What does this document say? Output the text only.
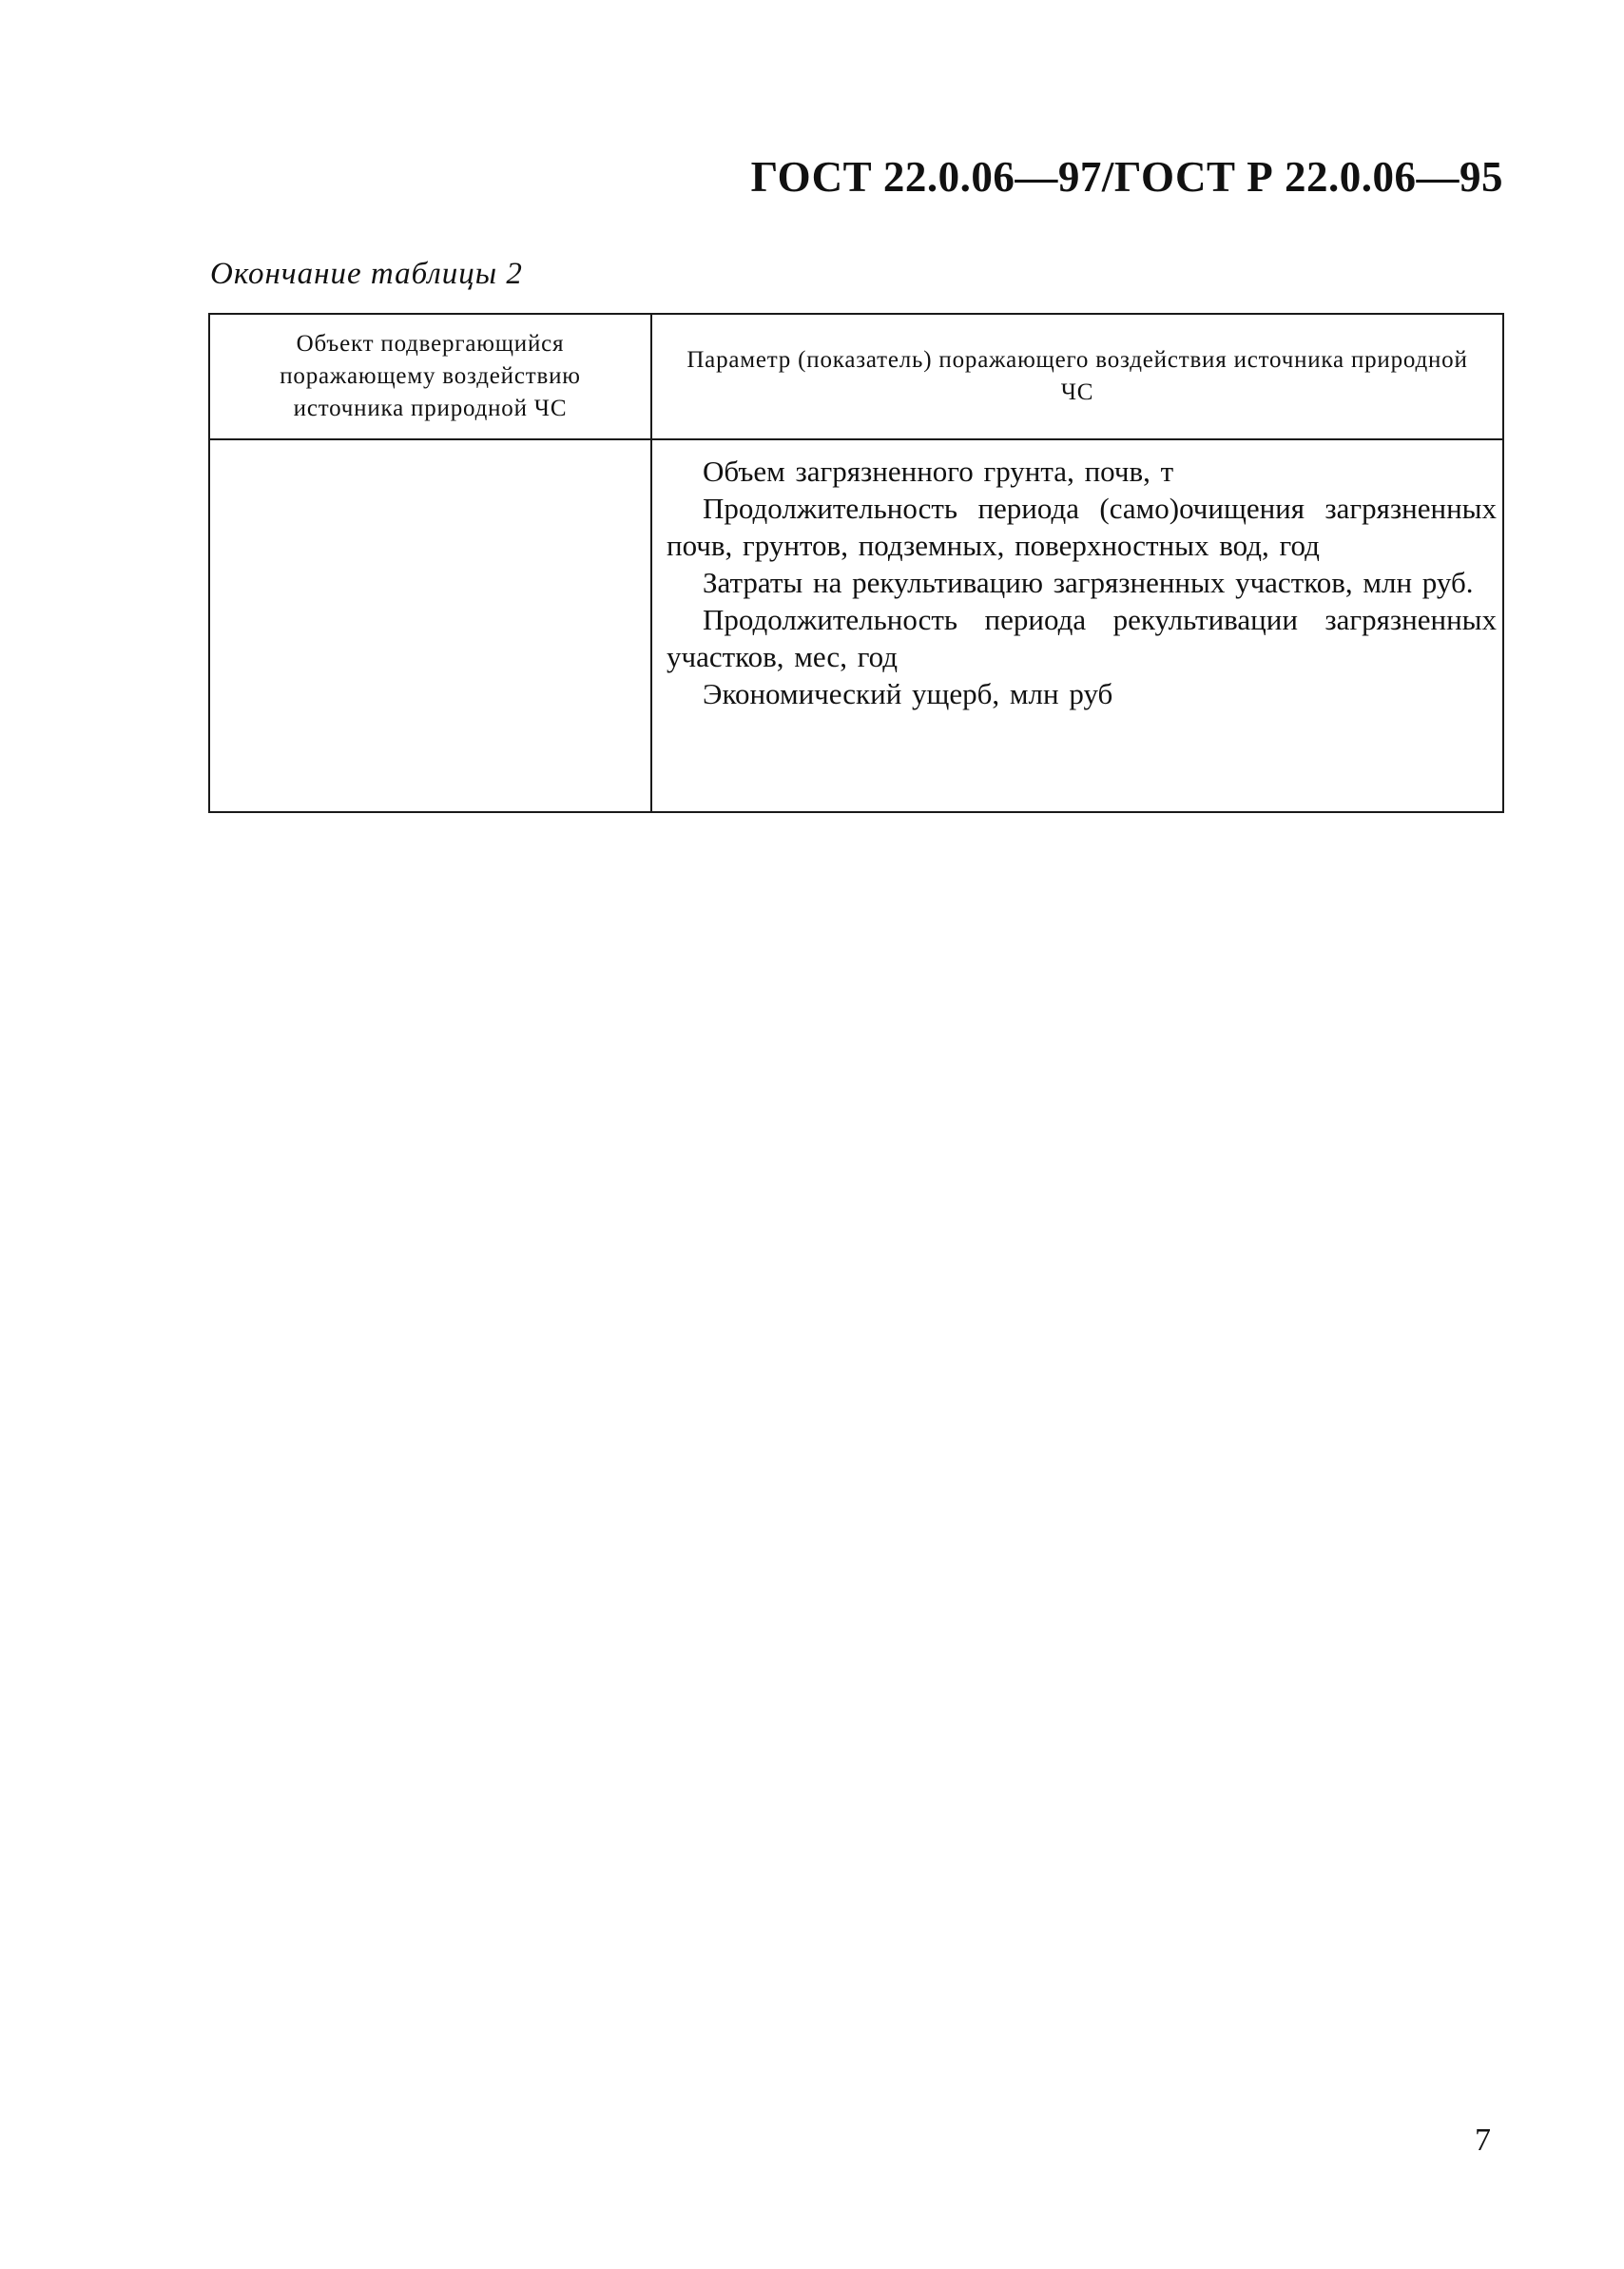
ГОСТ 22.0.06—97/ГОСТ Р 22.0.06—95
Окончание таблицы 2
Объект подвергающийся поражающему воздействию источника природной ЧС	Параметр (показатель) поражающего воздействия источника природной ЧС

	Объем загрязненного грунта, почв, т
Продолжительность периода (само)очищения загрязненных почв, грунтов, подземных, поверхностных вод, год
Затраты на рекультивацию загрязненных участков, млн руб.
Продолжительность периода рекультивации загрязненных участков, мес, год
Экономический ущерб, млн руб
7
